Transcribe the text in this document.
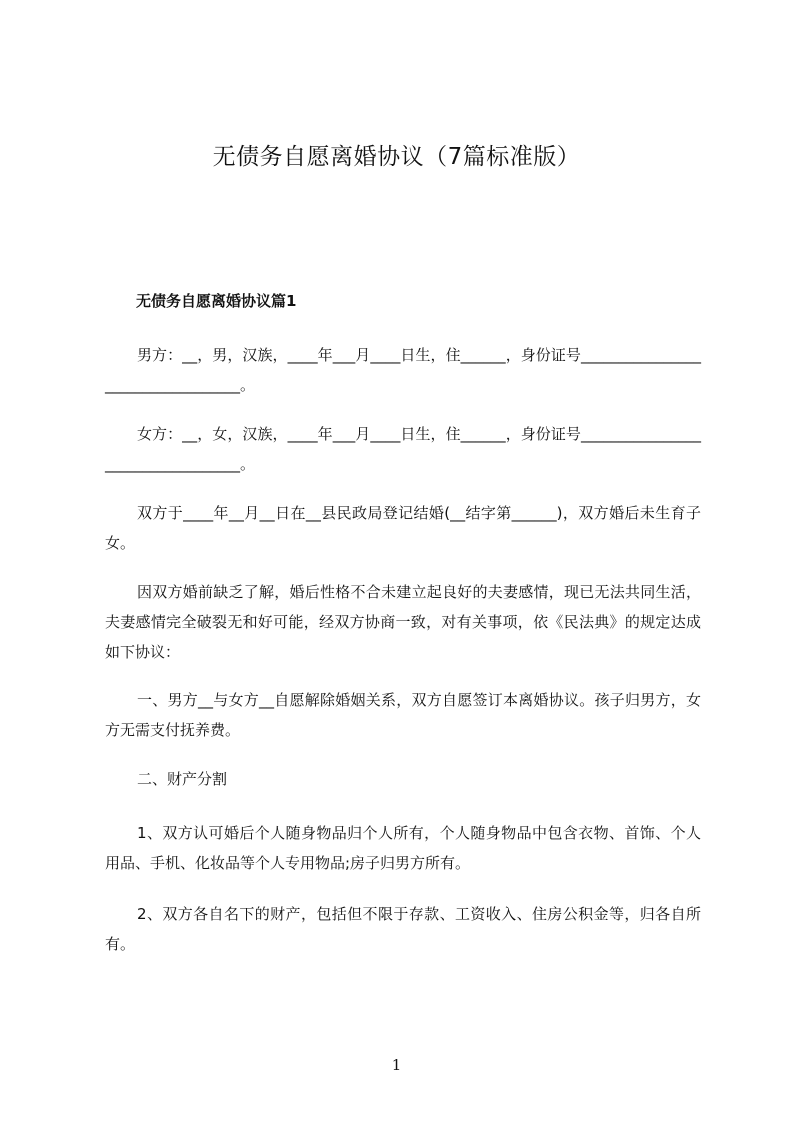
无债务自愿离婚协议（7篇标准版）
无债务自愿离婚协议篇1

男方：__，男，汉族，____年___月____日生，住______，身份证号__________________________________。

女方：__，女，汉族，____年___月____日生，住______，身份证号__________________________________。

双方于____年__月__日在__县民政局登记结婚(__结字第______)，双方婚后未生育子女。

因双方婚前缺乏了解，婚后性格不合未建立起良好的夫妻感情，现已无法共同生活，夫妻感情完全破裂无和好可能，经双方协商一致，对有关事项，依《民法典》的规定达成如下协议：

一、男方__与女方__自愿解除婚姻关系，双方自愿签订本离婚协议。孩子归男方，女方无需支付抚养费。

二、财产分割

1、双方认可婚后个人随身物品归个人所有，个人随身物品中包含衣物、首饰、个人用品、手机、化妆品等个人专用物品;房子归男方所有。

2、双方各自名下的财产，包括但不限于存款、工资收入、住房公积金等，归各自所有。

1
